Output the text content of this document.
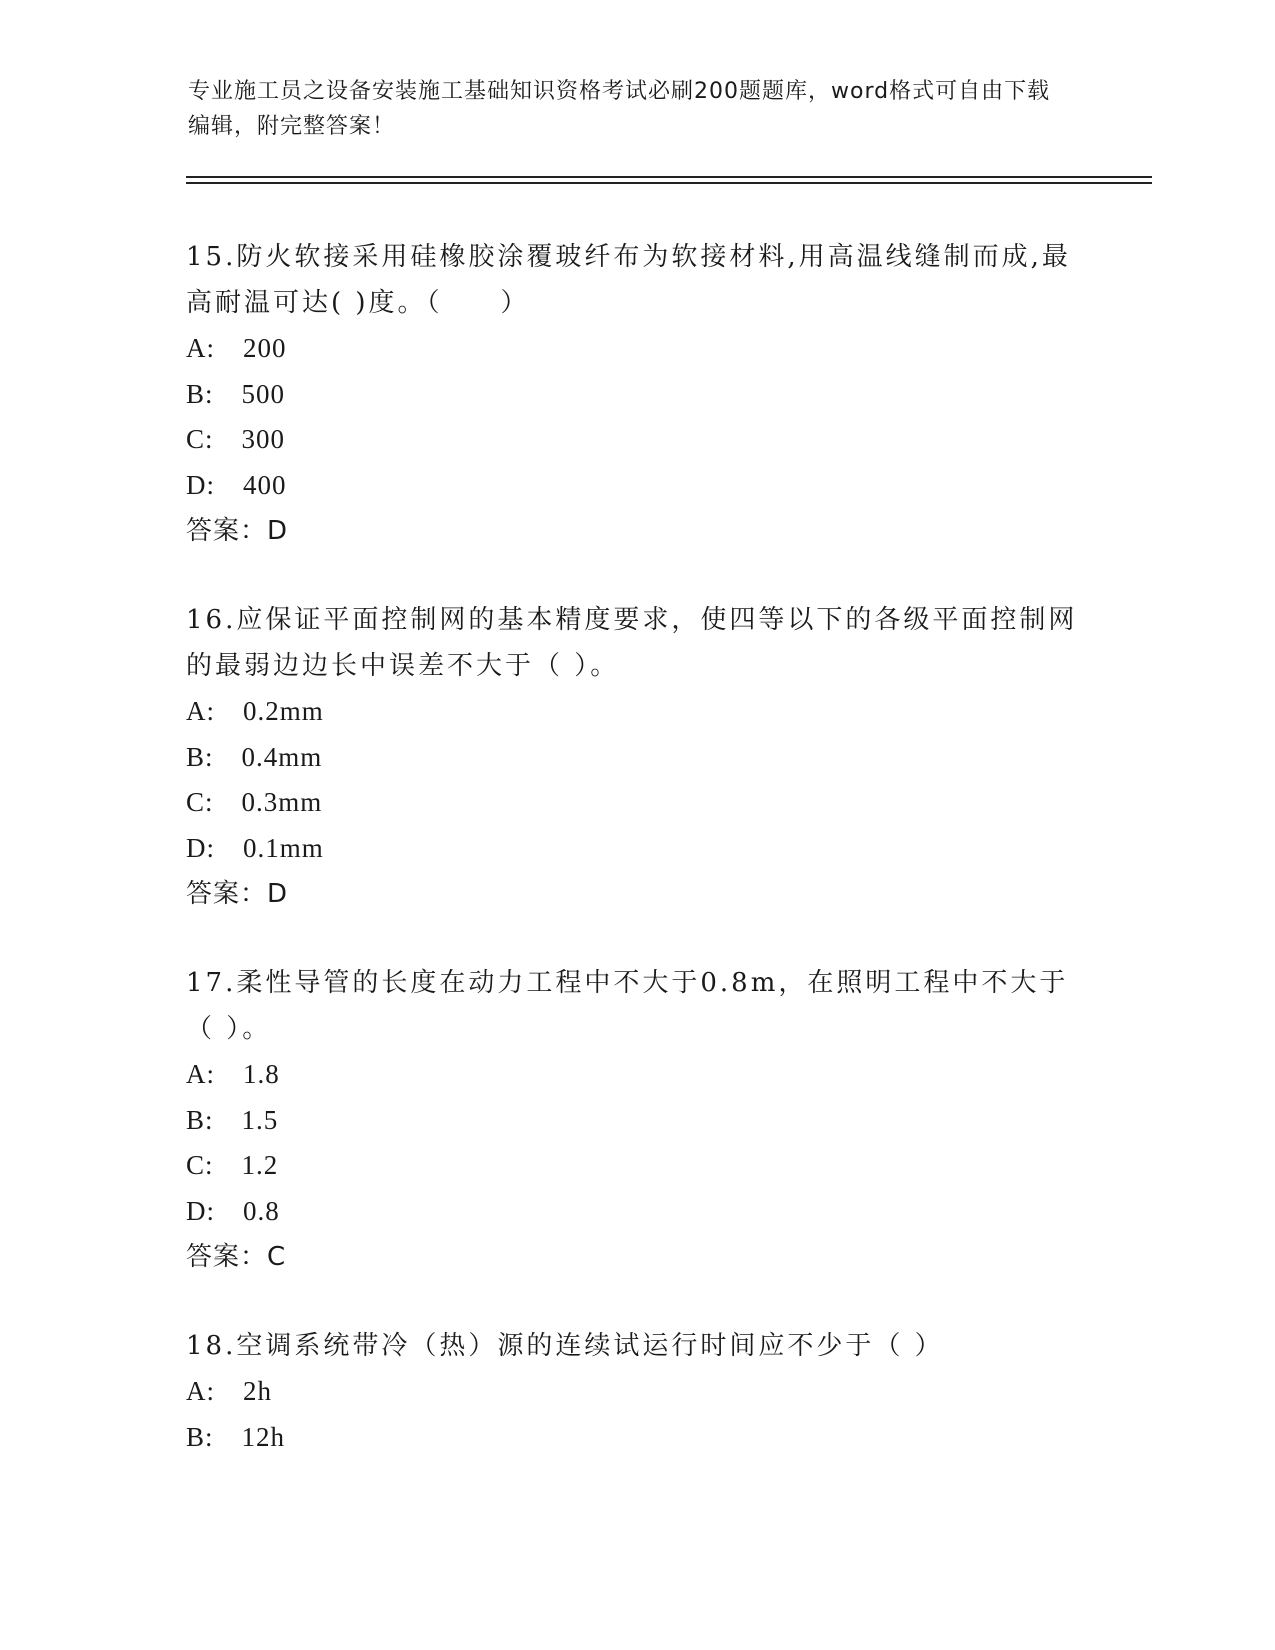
专业施工员之设备安装施工基础知识资格考试必刷200题题库，word格式可自由下载编辑，附完整答案！

15.防火软接采用硅橡胶涂覆玻纤布为软接材料,用高温线缝制而成,最高耐温可达( )度。（　　）

A:　200

B:　500

C:　300

D:　400

答案：D

16.应保证平面控制网的基本精度要求，使四等以下的各级平面控制网的最弱边边长中误差不大于（ ）。

A:　0.2mm

B:　0.4mm

C:　0.3mm

D:　0.1mm

答案：D

17.柔性导管的长度在动力工程中不大于0.8m，在照明工程中不大于（ ）。

A:　1.8

B:　1.5

C:　1.2

D:　0.8

答案：C

18.空调系统带冷（热）源的连续试运行时间应不少于（ ）

A:　2h

B:　12h
